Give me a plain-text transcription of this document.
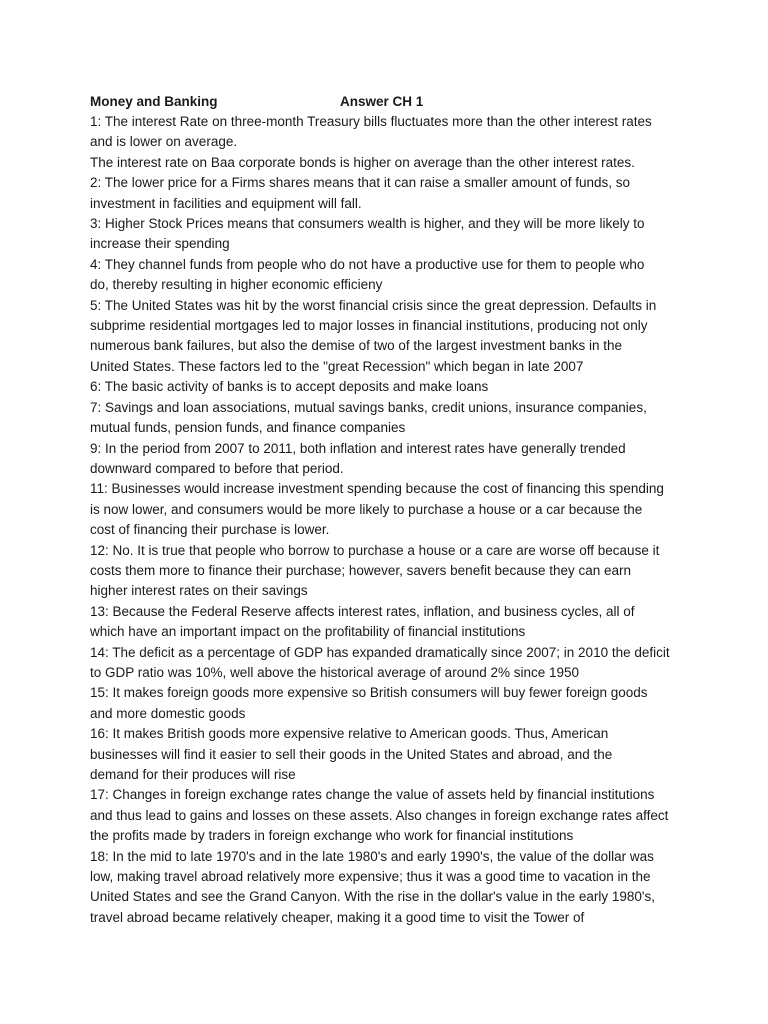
Money and Banking	Answer CH 1
1: The interest Rate on three-month Treasury bills fluctuates more than the other interest rates
and is lower on average.
The interest rate on Baa corporate bonds is higher on average than the other interest rates.
2: The lower price for a Firms shares means that it can raise a smaller amount of funds, so
investment in facilities and equipment will fall.
3: Higher Stock Prices means that consumers wealth is higher, and they will be more likely to
increase their spending
4: They channel funds from people who do not have a productive use for them to people who
do, thereby resulting in higher economic efficieny
5: The United States was hit by the worst financial crisis since the great depression. Defaults in
subprime residential mortgages led to major losses in financial institutions, producing not only
numerous bank failures, but also the demise of two of the largest investment banks in the
United States. These factors led to the "great Recession" which began in late 2007
6: The basic activity of banks is to accept deposits and make loans
7: Savings and loan associations, mutual savings banks, credit unions, insurance companies,
mutual funds, pension funds, and finance companies
9: In the period from 2007 to 2011, both inflation and interest rates have generally trended
downward compared to before that period.
11: Businesses would increase investment spending because the cost of financing this spending
is now lower, and consumers would be more likely to purchase a house or a car because the
cost of financing their purchase is lower.
12: No. It is true that people who borrow to purchase a house or a care are worse off because it
costs them more to finance their purchase; however, savers benefit because they can earn
higher interest rates on their savings
13: Because the Federal Reserve affects interest rates, inflation, and business cycles, all of
which have an important impact on the profitability of financial institutions
14: The deficit as a percentage of GDP has expanded dramatically since 2007; in 2010 the deficit
to GDP ratio was 10%, well above the historical average of around 2% since 1950
15: It makes foreign goods more expensive so British consumers will buy fewer foreign goods
and more domestic goods
16: It makes British goods more expensive relative to American goods. Thus, American
businesses will find it easier to sell their goods in the United States and abroad, and the
demand for their produces will rise
17: Changes in foreign exchange rates change the value of assets held by financial institutions
and thus lead to gains and losses on these assets. Also changes in foreign exchange rates affect
the profits made by traders in foreign exchange who work for financial institutions
18: In the mid to late 1970's and in the late 1980's and early 1990's, the value of the dollar was
low, making travel abroad relatively more expensive; thus it was a good time to vacation in the
United States and see the Grand Canyon. With the rise in the dollar's value in the early 1980's,
travel abroad became relatively cheaper, making it a good time to visit the Tower of
